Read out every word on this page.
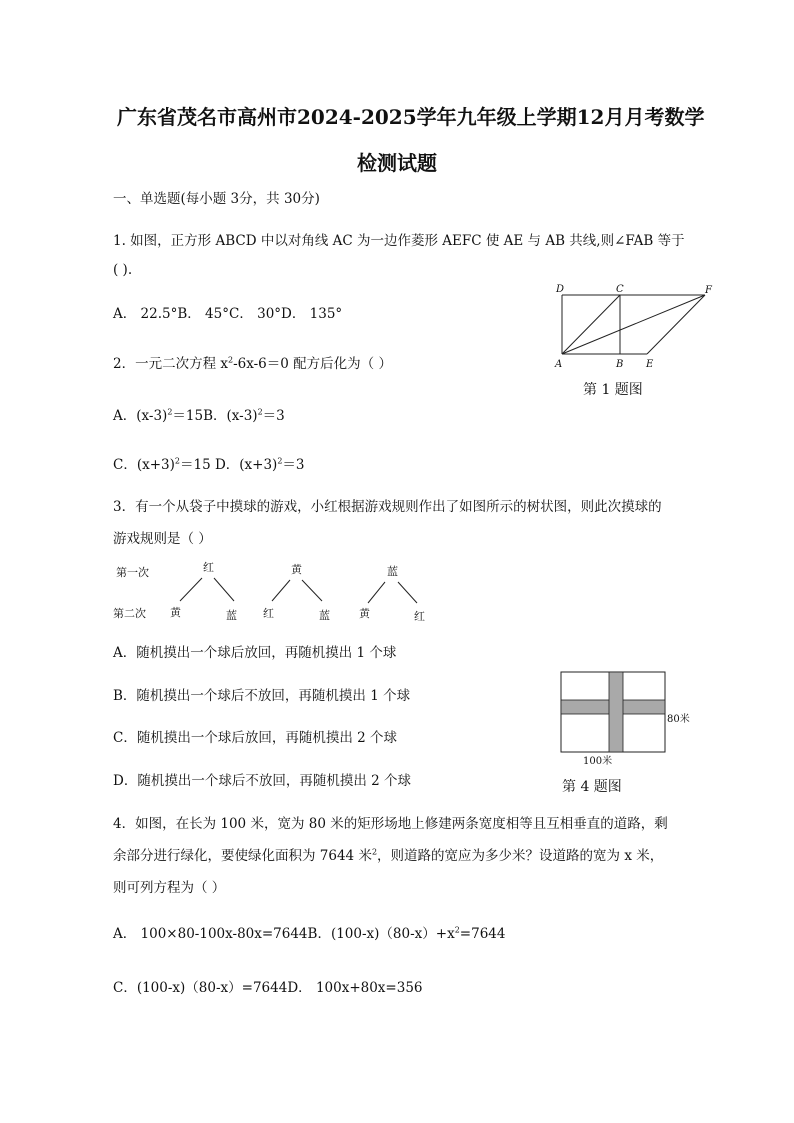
广东省茂名市高州市2024-2025学年九年级上学期12月月考数学
检测试题
一、单选题(每小题 3分，共 30分)
1. 如图，正方形 ABCD 中以对角线 AC 为一边作菱形 AEFC 使 AE 与 AB 共线,则∠FAB 等于
( ).
A． 22.5°B． 45°C． 30°D． 135°
D	C	F
A	B E
第 1 题图
2．一元二次方程 $x^2-6x-6=0$ 配方后化为（ ）
A．$(x-3)^2=15B$．$(x-3)^2=3$
C．$(x+3)^2=15$ D．$(x+3)^2=3$
3．有一个从袋子中摸球的游戏，小红根据游戏规则作出了如图所示的树状图，则此次摸球的
游戏规则是（ ）
第一次
第二次
红
黄	蓝
黄
红	蓝
蓝
黄	红
A．随机摸出一个球后放回，再随机摸出 1 个球
B．随机摸出一个球后不放回，再随机摸出 1 个球
C．随机摸出一个球后放回，再随机摸出 2 个球
D．随机摸出一个球后不放回，再随机摸出 2 个球
80米
100米
第 4 题图
4．如图，在长为 100 米，宽为 80 米的矩形场地上修建两条宽度相等且互相垂直的道路，剩
余部分进行绿化，要使绿化面积为 7644 米$^2$，则道路的宽应为多少米？设道路的宽为 x 米，
则可列方程为（ ）
A． 100×80-100x-80x=7644B．$(100-x)(80-x)+x^2=7644$
C．(100-x)（80-x）=7644D． 100x+80x=356
